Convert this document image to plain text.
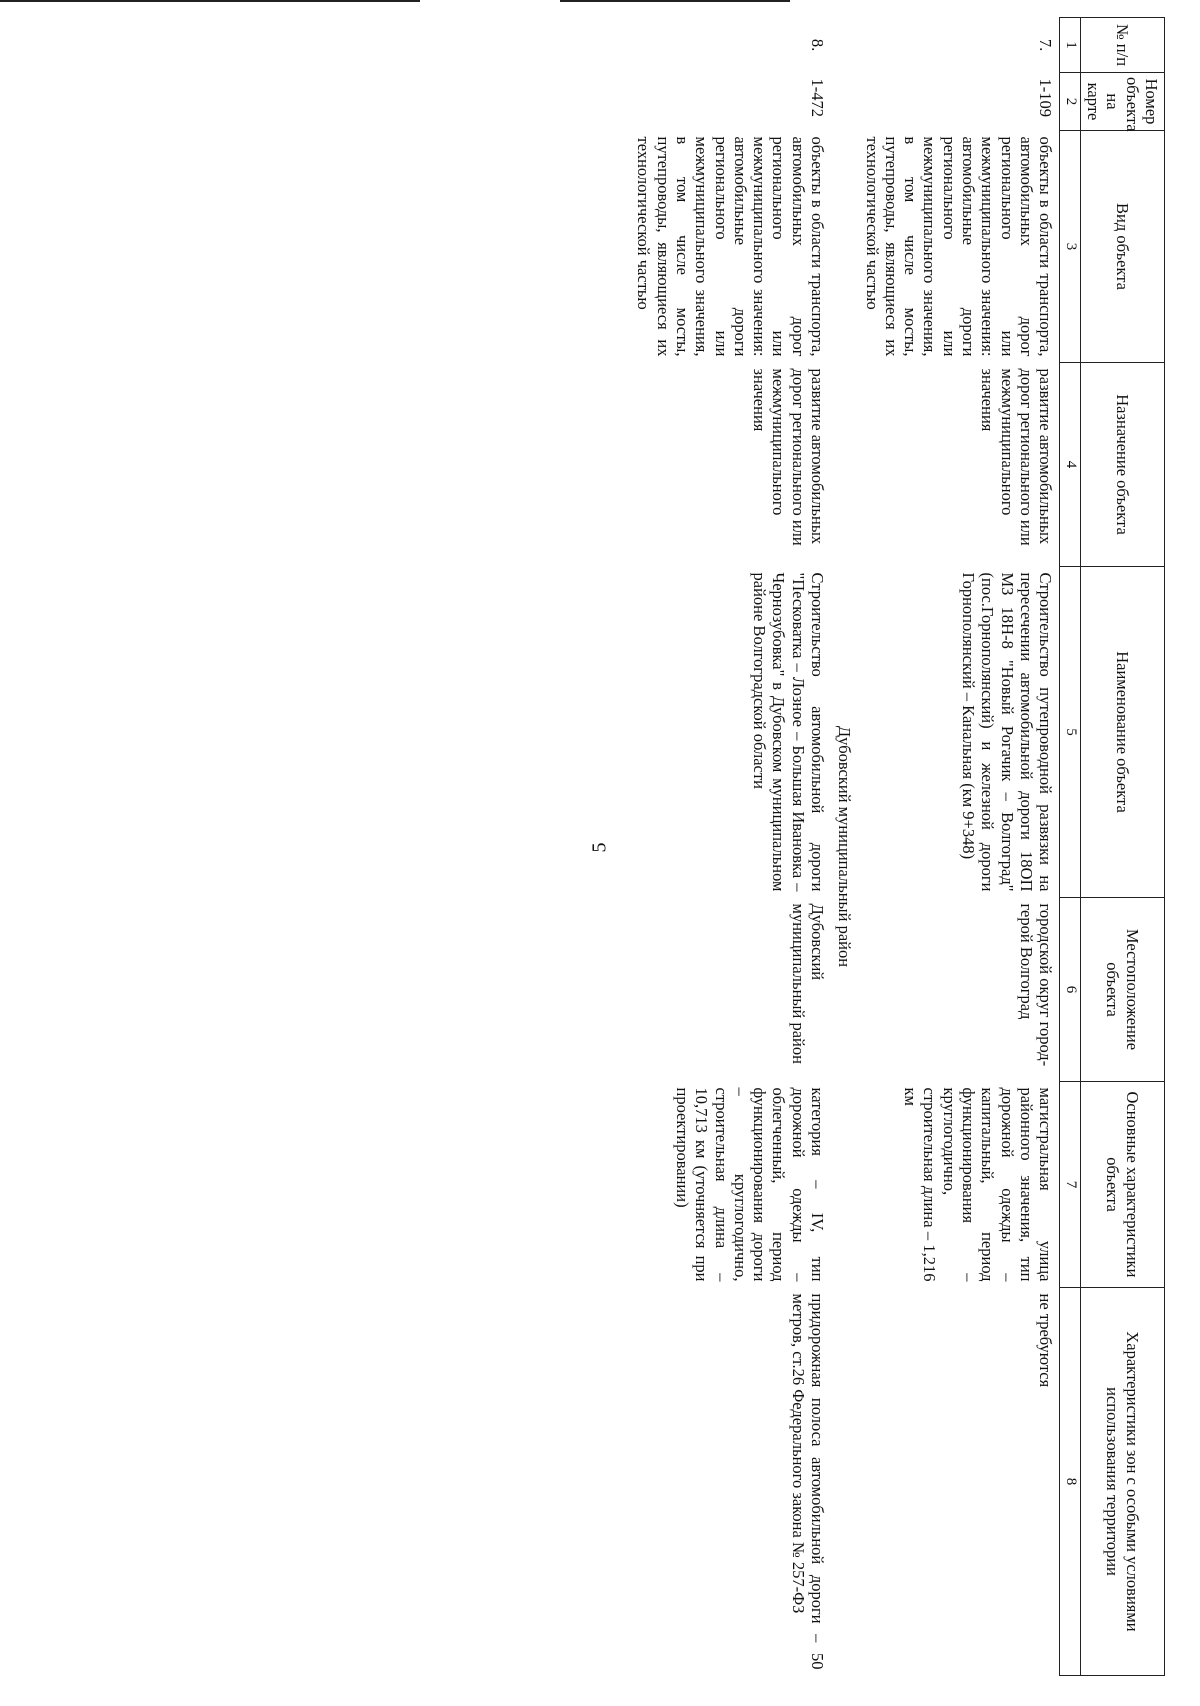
5
№ п/п	Номер объекта на карте	Вид объекта	Назначение объекта	Наименование объекта	Местоположение объекта	Основные характеристики объекта	Характеристики зон с особыми условиями использования территории
1	2	3	4	5	6	7	8
7.	1-109	объекты в области транспорта, автомобильных дорог регионального или межмуниципального значения: автомобильные дороги регионального или межмуниципального значения, в том числе мосты, путепроводы, являющиеся их технологической частью	развитие автомобильных дорог регионального или межмуниципального значения	Строительство путепроводной развязки на пересечении автомобильной дороги 18ОП МЗ 18Н-8 "Новый Рогачик – Волгоград" (пос.Горнополянский) и железной дороги Горнополянский – Канальная (км 9+348)	городской округ город-герой Волгоград	магистральная улица районного значения, тип дорожной одежды – капитальный, период функционирования – круглогодично, строительная длина – 1,216 км	не требуются
Дубовский муниципальный район							
8.	1-472	объекты в области транспорта, автомобильных дорог регионального или межмуниципального значения: автомобильные дороги регионального или межмуниципального значения, в том числе мосты, путепроводы, являющиеся их технологической частью	развитие автомобильных дорог регионального или межмуниципального значения	Строительство автомобильной дороги "Песковатка – Лозное – Большая Ивановка – Чернозубовка" в Дубовском муниципальном районе Волгоградской области	Дубовский муниципальный район	категория – IV, тип дорожной одежды – облегченный, период функционирования дороги – круглогодично, строительная длина – 10,713 км (уточняется при проектировании)	придорожная полоса автомобильной дороги – 50 метров, ст.26 Федерального закона № 257-ФЗ
